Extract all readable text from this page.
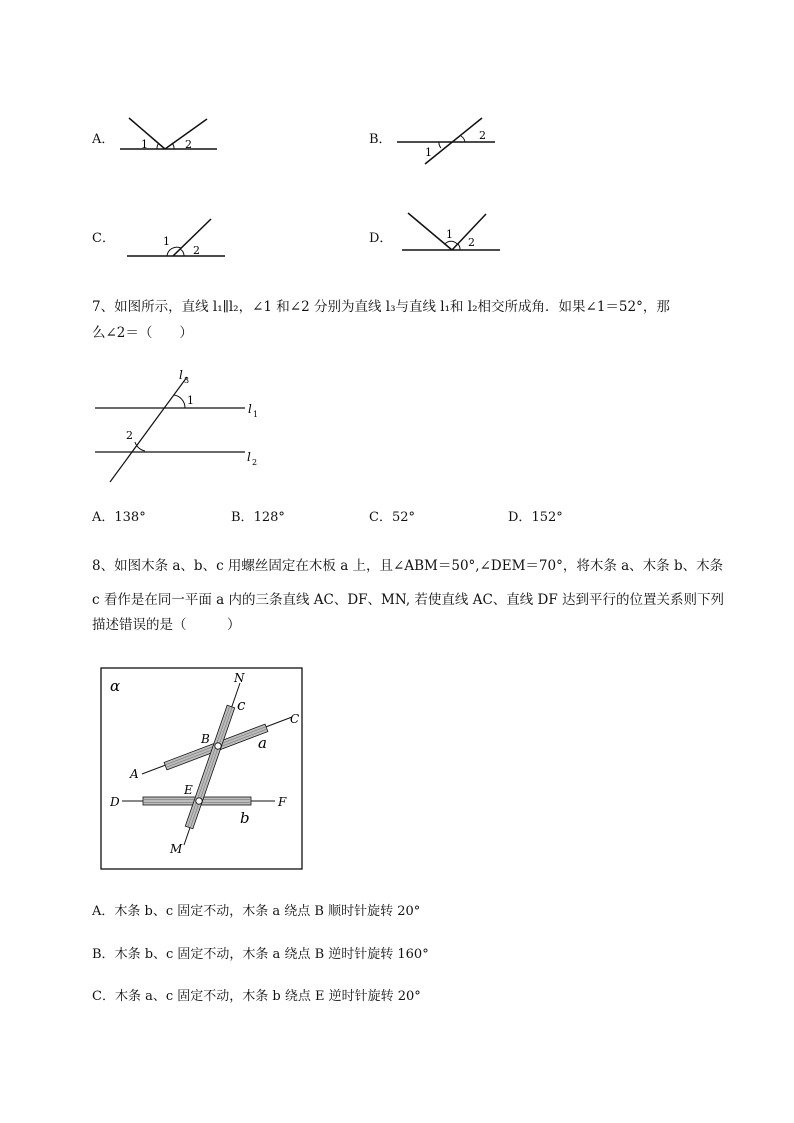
A． 1	2	B．
1
2
C．	1
2
D．	1
2
7、如图所示，直线 l₁∥l₂，∠1 和∠2 分别为直线 l₃与直线 l₁和 l₂相交所成角．如果∠1＝52°，那
么∠2＝（　　）
l 3
1
2
l 1
l 2
A．138°	B．128°	C．52°	D．152°
8、如图木条 a、b、c 用螺丝固定在木板 a 上，且∠ABM＝50°,∠DEM＝70°，将木条 a、木条 b、木条
c 看作是在同一平面 a 内的三条直线 AC、DF、MN, 若使直线 AC、直线 DF 达到平行的位置关系则下列
描述错误的是（　　　）
α	N
c
C
a
B
A
E
D	F
b
M
A．木条 b、c 固定不动，木条 a 绕点 B 顺时针旋转 20°
B．木条 b、c 固定不动，木条 a 绕点 B 逆时针旋转 160°
C．木条 a、c 固定不动，木条 b 绕点 E 逆时针旋转 20°
